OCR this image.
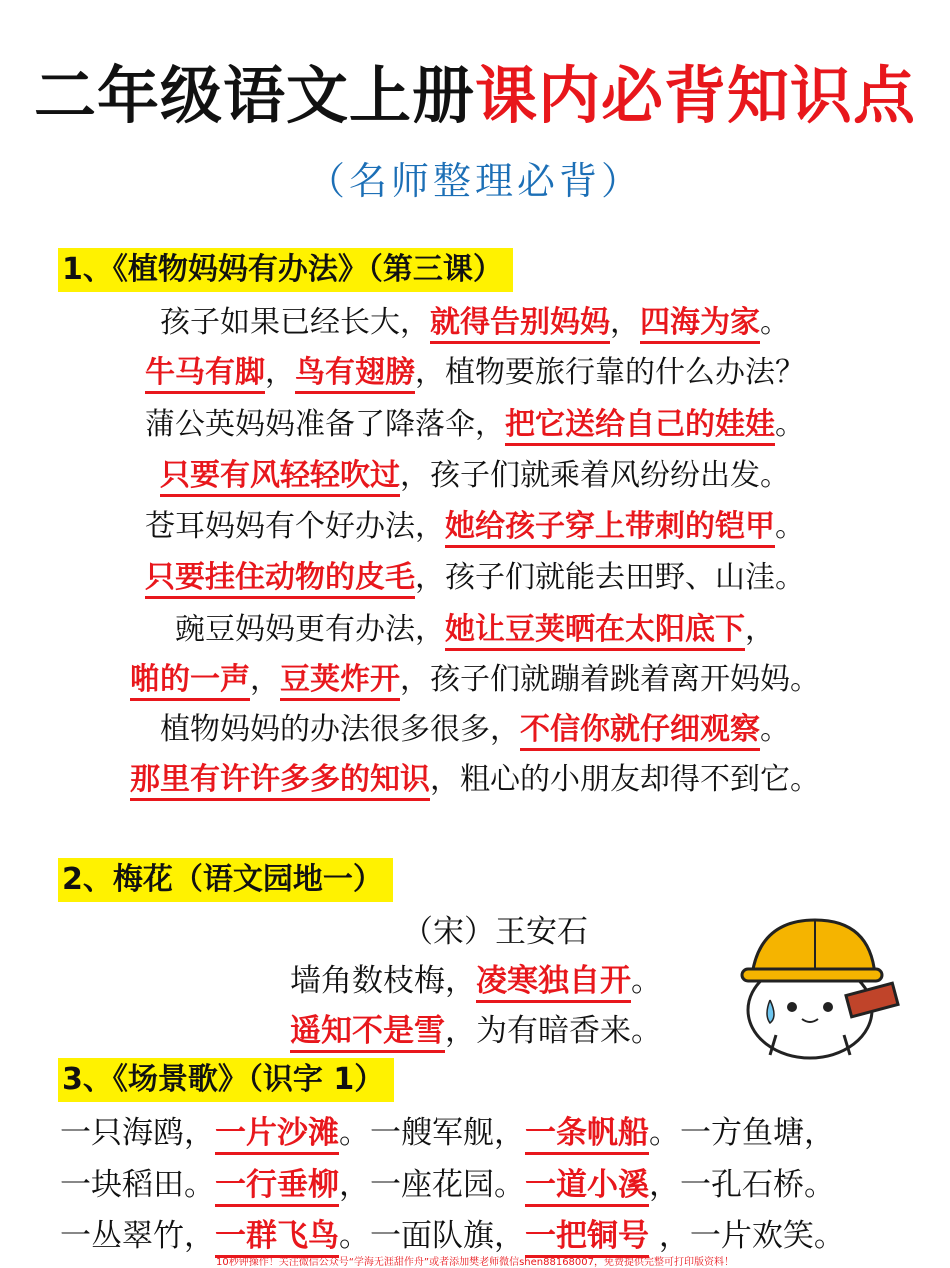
二年级语文上册课内必背知识点
（名师整理必背）
1、《植物妈妈有办法》（第三课）
孩子如果已经长大，就得告别妈妈，四海为家。
牛马有脚，鸟有翅膀，植物要旅行靠的什么办法？
蒲公英妈妈准备了降落伞，把它送给自己的娃娃。
只要有风轻轻吹过，孩子们就乘着风纷纷出发。
苍耳妈妈有个好办法，她给孩子穿上带刺的铠甲。
只要挂住动物的皮毛，孩子们就能去田野、山洼。
豌豆妈妈更有办法，她让豆荚晒在太阳底下，
啪的一声，豆荚炸开，孩子们就蹦着跳着离开妈妈。
植物妈妈的办法很多很多，不信你就仔细观察。
那里有许许多多的知识，粗心的小朋友却得不到它。
2、梅花（语文园地一）
（宋）王安石
墙角数枝梅，凌寒独自开。
遥知不是雪，为有暗香来。
3、《场景歌》（识字 1）
一只海鸥，一片沙滩。一艘军舰，一条帆船。一方鱼塘，
一块稻田。一行垂柳，一座花园。一道小溪，一孔石桥。
一丛翠竹，一群飞鸟。一面队旗，一把铜号 ，一片欢笑。
10秒钟操作！关注微信公众号“学海无涯甜作舟”或者添加樊老师微信shen88168007，免费提供完整可打印版资料！
